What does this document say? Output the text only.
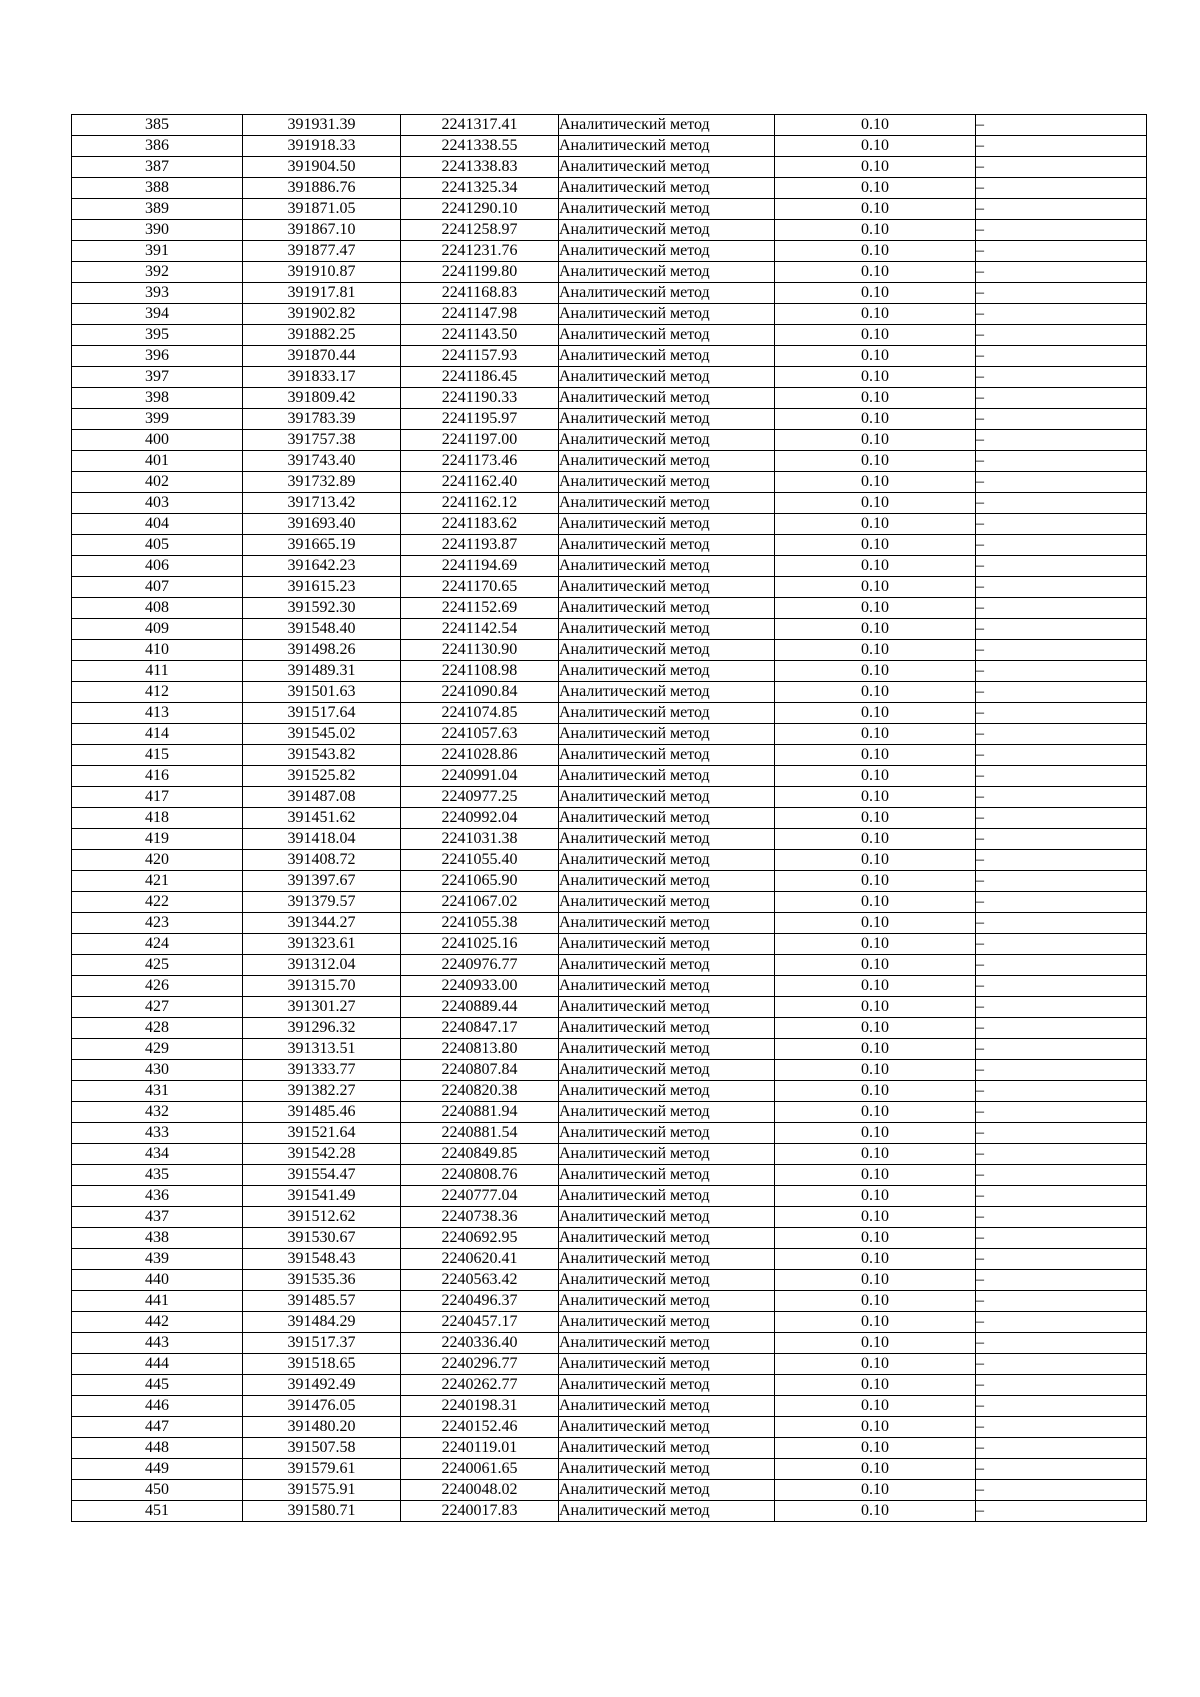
385	391931.39	2241317.41	Аналитический метод	0.10	–
386	391918.33	2241338.55	Аналитический метод	0.10	–
387	391904.50	2241338.83	Аналитический метод	0.10	–
388	391886.76	2241325.34	Аналитический метод	0.10	–
389	391871.05	2241290.10	Аналитический метод	0.10	–
390	391867.10	2241258.97	Аналитический метод	0.10	–
391	391877.47	2241231.76	Аналитический метод	0.10	–
392	391910.87	2241199.80	Аналитический метод	0.10	–
393	391917.81	2241168.83	Аналитический метод	0.10	–
394	391902.82	2241147.98	Аналитический метод	0.10	–
395	391882.25	2241143.50	Аналитический метод	0.10	–
396	391870.44	2241157.93	Аналитический метод	0.10	–
397	391833.17	2241186.45	Аналитический метод	0.10	–
398	391809.42	2241190.33	Аналитический метод	0.10	–
399	391783.39	2241195.97	Аналитический метод	0.10	–
400	391757.38	2241197.00	Аналитический метод	0.10	–
401	391743.40	2241173.46	Аналитический метод	0.10	–
402	391732.89	2241162.40	Аналитический метод	0.10	–
403	391713.42	2241162.12	Аналитический метод	0.10	–
404	391693.40	2241183.62	Аналитический метод	0.10	–
405	391665.19	2241193.87	Аналитический метод	0.10	–
406	391642.23	2241194.69	Аналитический метод	0.10	–
407	391615.23	2241170.65	Аналитический метод	0.10	–
408	391592.30	2241152.69	Аналитический метод	0.10	–
409	391548.40	2241142.54	Аналитический метод	0.10	–
410	391498.26	2241130.90	Аналитический метод	0.10	–
411	391489.31	2241108.98	Аналитический метод	0.10	–
412	391501.63	2241090.84	Аналитический метод	0.10	–
413	391517.64	2241074.85	Аналитический метод	0.10	–
414	391545.02	2241057.63	Аналитический метод	0.10	–
415	391543.82	2241028.86	Аналитический метод	0.10	–
416	391525.82	2240991.04	Аналитический метод	0.10	–
417	391487.08	2240977.25	Аналитический метод	0.10	–
418	391451.62	2240992.04	Аналитический метод	0.10	–
419	391418.04	2241031.38	Аналитический метод	0.10	–
420	391408.72	2241055.40	Аналитический метод	0.10	–
421	391397.67	2241065.90	Аналитический метод	0.10	–
422	391379.57	2241067.02	Аналитический метод	0.10	–
423	391344.27	2241055.38	Аналитический метод	0.10	–
424	391323.61	2241025.16	Аналитический метод	0.10	–
425	391312.04	2240976.77	Аналитический метод	0.10	–
426	391315.70	2240933.00	Аналитический метод	0.10	–
427	391301.27	2240889.44	Аналитический метод	0.10	–
428	391296.32	2240847.17	Аналитический метод	0.10	–
429	391313.51	2240813.80	Аналитический метод	0.10	–
430	391333.77	2240807.84	Аналитический метод	0.10	–
431	391382.27	2240820.38	Аналитический метод	0.10	–
432	391485.46	2240881.94	Аналитический метод	0.10	–
433	391521.64	2240881.54	Аналитический метод	0.10	–
434	391542.28	2240849.85	Аналитический метод	0.10	–
435	391554.47	2240808.76	Аналитический метод	0.10	–
436	391541.49	2240777.04	Аналитический метод	0.10	–
437	391512.62	2240738.36	Аналитический метод	0.10	–
438	391530.67	2240692.95	Аналитический метод	0.10	–
439	391548.43	2240620.41	Аналитический метод	0.10	–
440	391535.36	2240563.42	Аналитический метод	0.10	–
441	391485.57	2240496.37	Аналитический метод	0.10	–
442	391484.29	2240457.17	Аналитический метод	0.10	–
443	391517.37	2240336.40	Аналитический метод	0.10	–
444	391518.65	2240296.77	Аналитический метод	0.10	–
445	391492.49	2240262.77	Аналитический метод	0.10	–
446	391476.05	2240198.31	Аналитический метод	0.10	–
447	391480.20	2240152.46	Аналитический метод	0.10	–
448	391507.58	2240119.01	Аналитический метод	0.10	–
449	391579.61	2240061.65	Аналитический метод	0.10	–
450	391575.91	2240048.02	Аналитический метод	0.10	–
451	391580.71	2240017.83	Аналитический метод	0.10	–
